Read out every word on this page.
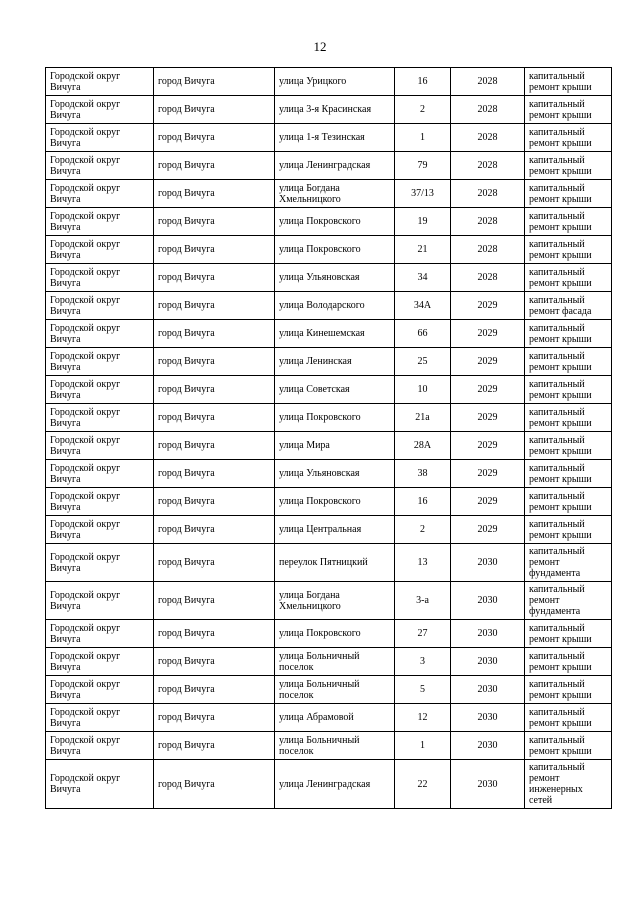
12
Городской округ Вичуга	город Вичуга	улица Урицкого	16	2028	капитальный ремонт крыши
Городской округ Вичуга	город Вичуга	улица 3-я Красинская	2	2028	капитальный ремонт крыши
Городской округ Вичуга	город Вичуга	улица 1-я Тезинская	1	2028	капитальный ремонт крыши
Городской округ Вичуга	город Вичуга	улица Ленинградская	79	2028	капитальный ремонт крыши
Городской округ Вичуга	город Вичуга	улица Богдана Хмельницкого	37/13	2028	капитальный ремонт крыши
Городской округ Вичуга	город Вичуга	улица Покровского	19	2028	капитальный ремонт крыши
Городской округ Вичуга	город Вичуга	улица Покровского	21	2028	капитальный ремонт крыши
Городской округ Вичуга	город Вичуга	улица Ульяновская	34	2028	капитальный ремонт крыши
Городской округ Вичуга	город Вичуга	улица Володарского	34А	2029	капитальный ремонт фасада
Городской округ Вичуга	город Вичуга	улица Кинешемская	66	2029	капитальный ремонт крыши
Городской округ Вичуга	город Вичуга	улица Ленинская	25	2029	капитальный ремонт крыши
Городской округ Вичуга	город Вичуга	улица Советская	10	2029	капитальный ремонт крыши
Городской округ Вичуга	город Вичуга	улица Покровского	21а	2029	капитальный ремонт крыши
Городской округ Вичуга	город Вичуга	улица Мира	28А	2029	капитальный ремонт крыши
Городской округ Вичуга	город Вичуга	улица Ульяновская	38	2029	капитальный ремонт крыши
Городской округ Вичуга	город Вичуга	улица Покровского	16	2029	капитальный ремонт крыши
Городской округ Вичуга	город Вичуга	улица Центральная	2	2029	капитальный ремонт крыши
Городской округ Вичуга	город Вичуга	переулок Пятницкий	13	2030	капитальный ремонт фундамента
Городской округ Вичуга	город Вичуга	улица Богдана Хмельницкого	3-а	2030	капитальный ремонт фундамента
Городской округ Вичуга	город Вичуга	улица Покровского	27	2030	капитальный ремонт крыши
Городской округ Вичуга	город Вичуга	улица Больничный поселок	3	2030	капитальный ремонт крыши
Городской округ Вичуга	город Вичуга	улица Больничный поселок	5	2030	капитальный ремонт крыши
Городской округ Вичуга	город Вичуга	улица Абрамовой	12	2030	капитальный ремонт крыши
Городской округ Вичуга	город Вичуга	улица Больничный поселок	1	2030	капитальный ремонт крыши
Городской округ Вичуга	город Вичуга	улица Ленинградская	22	2030	капитальный ремонт инженерных сетей
